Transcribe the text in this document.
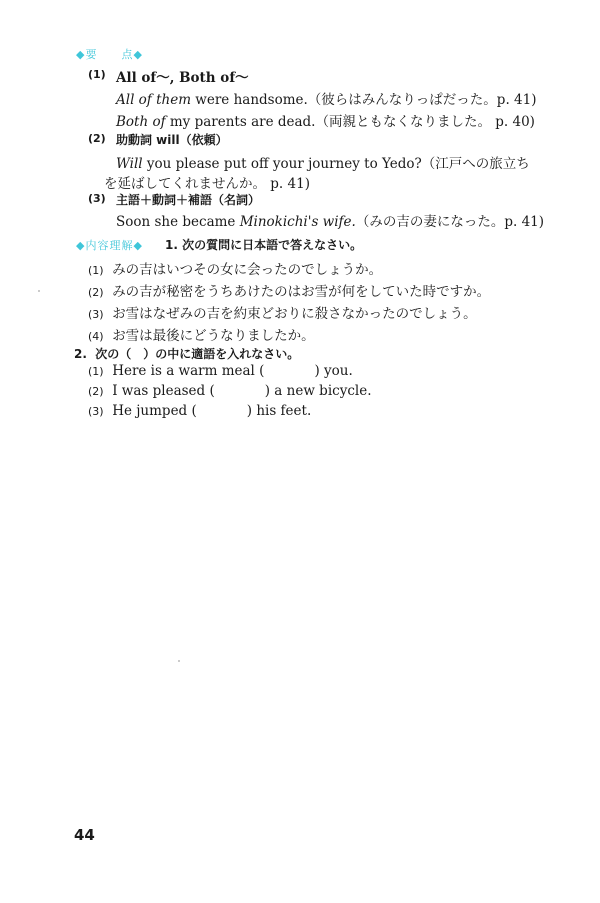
◆要　　点◆
(1) All of～, Both of～
All of them were handsome.（彼らはみんなりっぱだった。p. 41)
Both of my parents are dead.（両親ともなくなりました。 p. 40)
(2) 助動詞 will（依頼）
Will you please put off your journey to Yedo?（江戸への旅立ち
を延ばしてくれませんか。 p. 41)
(3) 主語＋動詞＋補語（名詞）
Soon she became Minokichi's wife.（みの吉の妻になった。p. 41)
◆内容理解◆ 1. 次の質問に日本語で答えなさい。
(1) みの吉はいつその女に会ったのでしょうか。
(2) みの吉が秘密をうちあけたのはお雪が何をしていた時ですか。
(3) お雪はなぜみの吉を約束どおりに殺さなかったのでしょう。
(4) お雪は最後にどうなりましたか。
2. 次の（　）の中に適語を入れなさい。
(1) Here is a warm meal (	) you.
(2) I was pleased (	) a new bicycle.
(3) He jumped (	) his feet.
44
